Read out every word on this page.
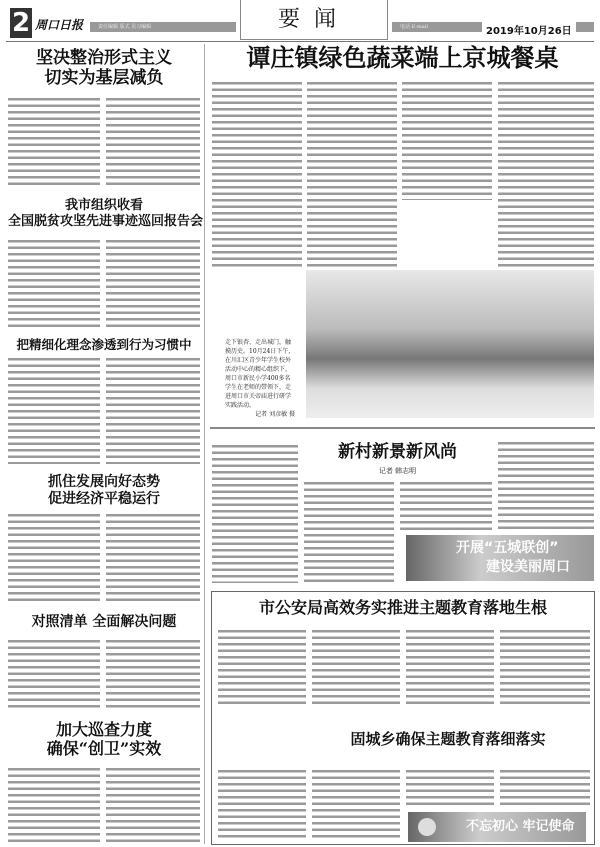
2 周口日报	责任编辑 版式 见习编辑	电话 E-mail
要闻	2019年10月26日
坚决整治形式主义
切实为基层减负
我市组织收看
全国脱贫攻坚先进事迹巡回报告会
把精细化理念渗透到行为习惯中
抓住发展向好态势
促进经济平稳运行
对照清单 全面解决问题
加大巡查力度
确保“创卫”实效
谭庄镇绿色蔬菜端上京城餐桌
走下银杏、走出城门，触摸历史。10月24日下午，在川汇区青少年学生校外活动中心的精心组织下，周口市新民小学400多名学生在老师的带领下，走进周口市关帝庙进行研学实践活动。
记者 刘彦敏 摄
新村新景新风尚
记者 韩志明
开展“五城联创”
建设美丽周口
市公安局高效务实推进主题教育落地生根
固城乡确保主题教育落细落实
不忘初心 牢记使命
